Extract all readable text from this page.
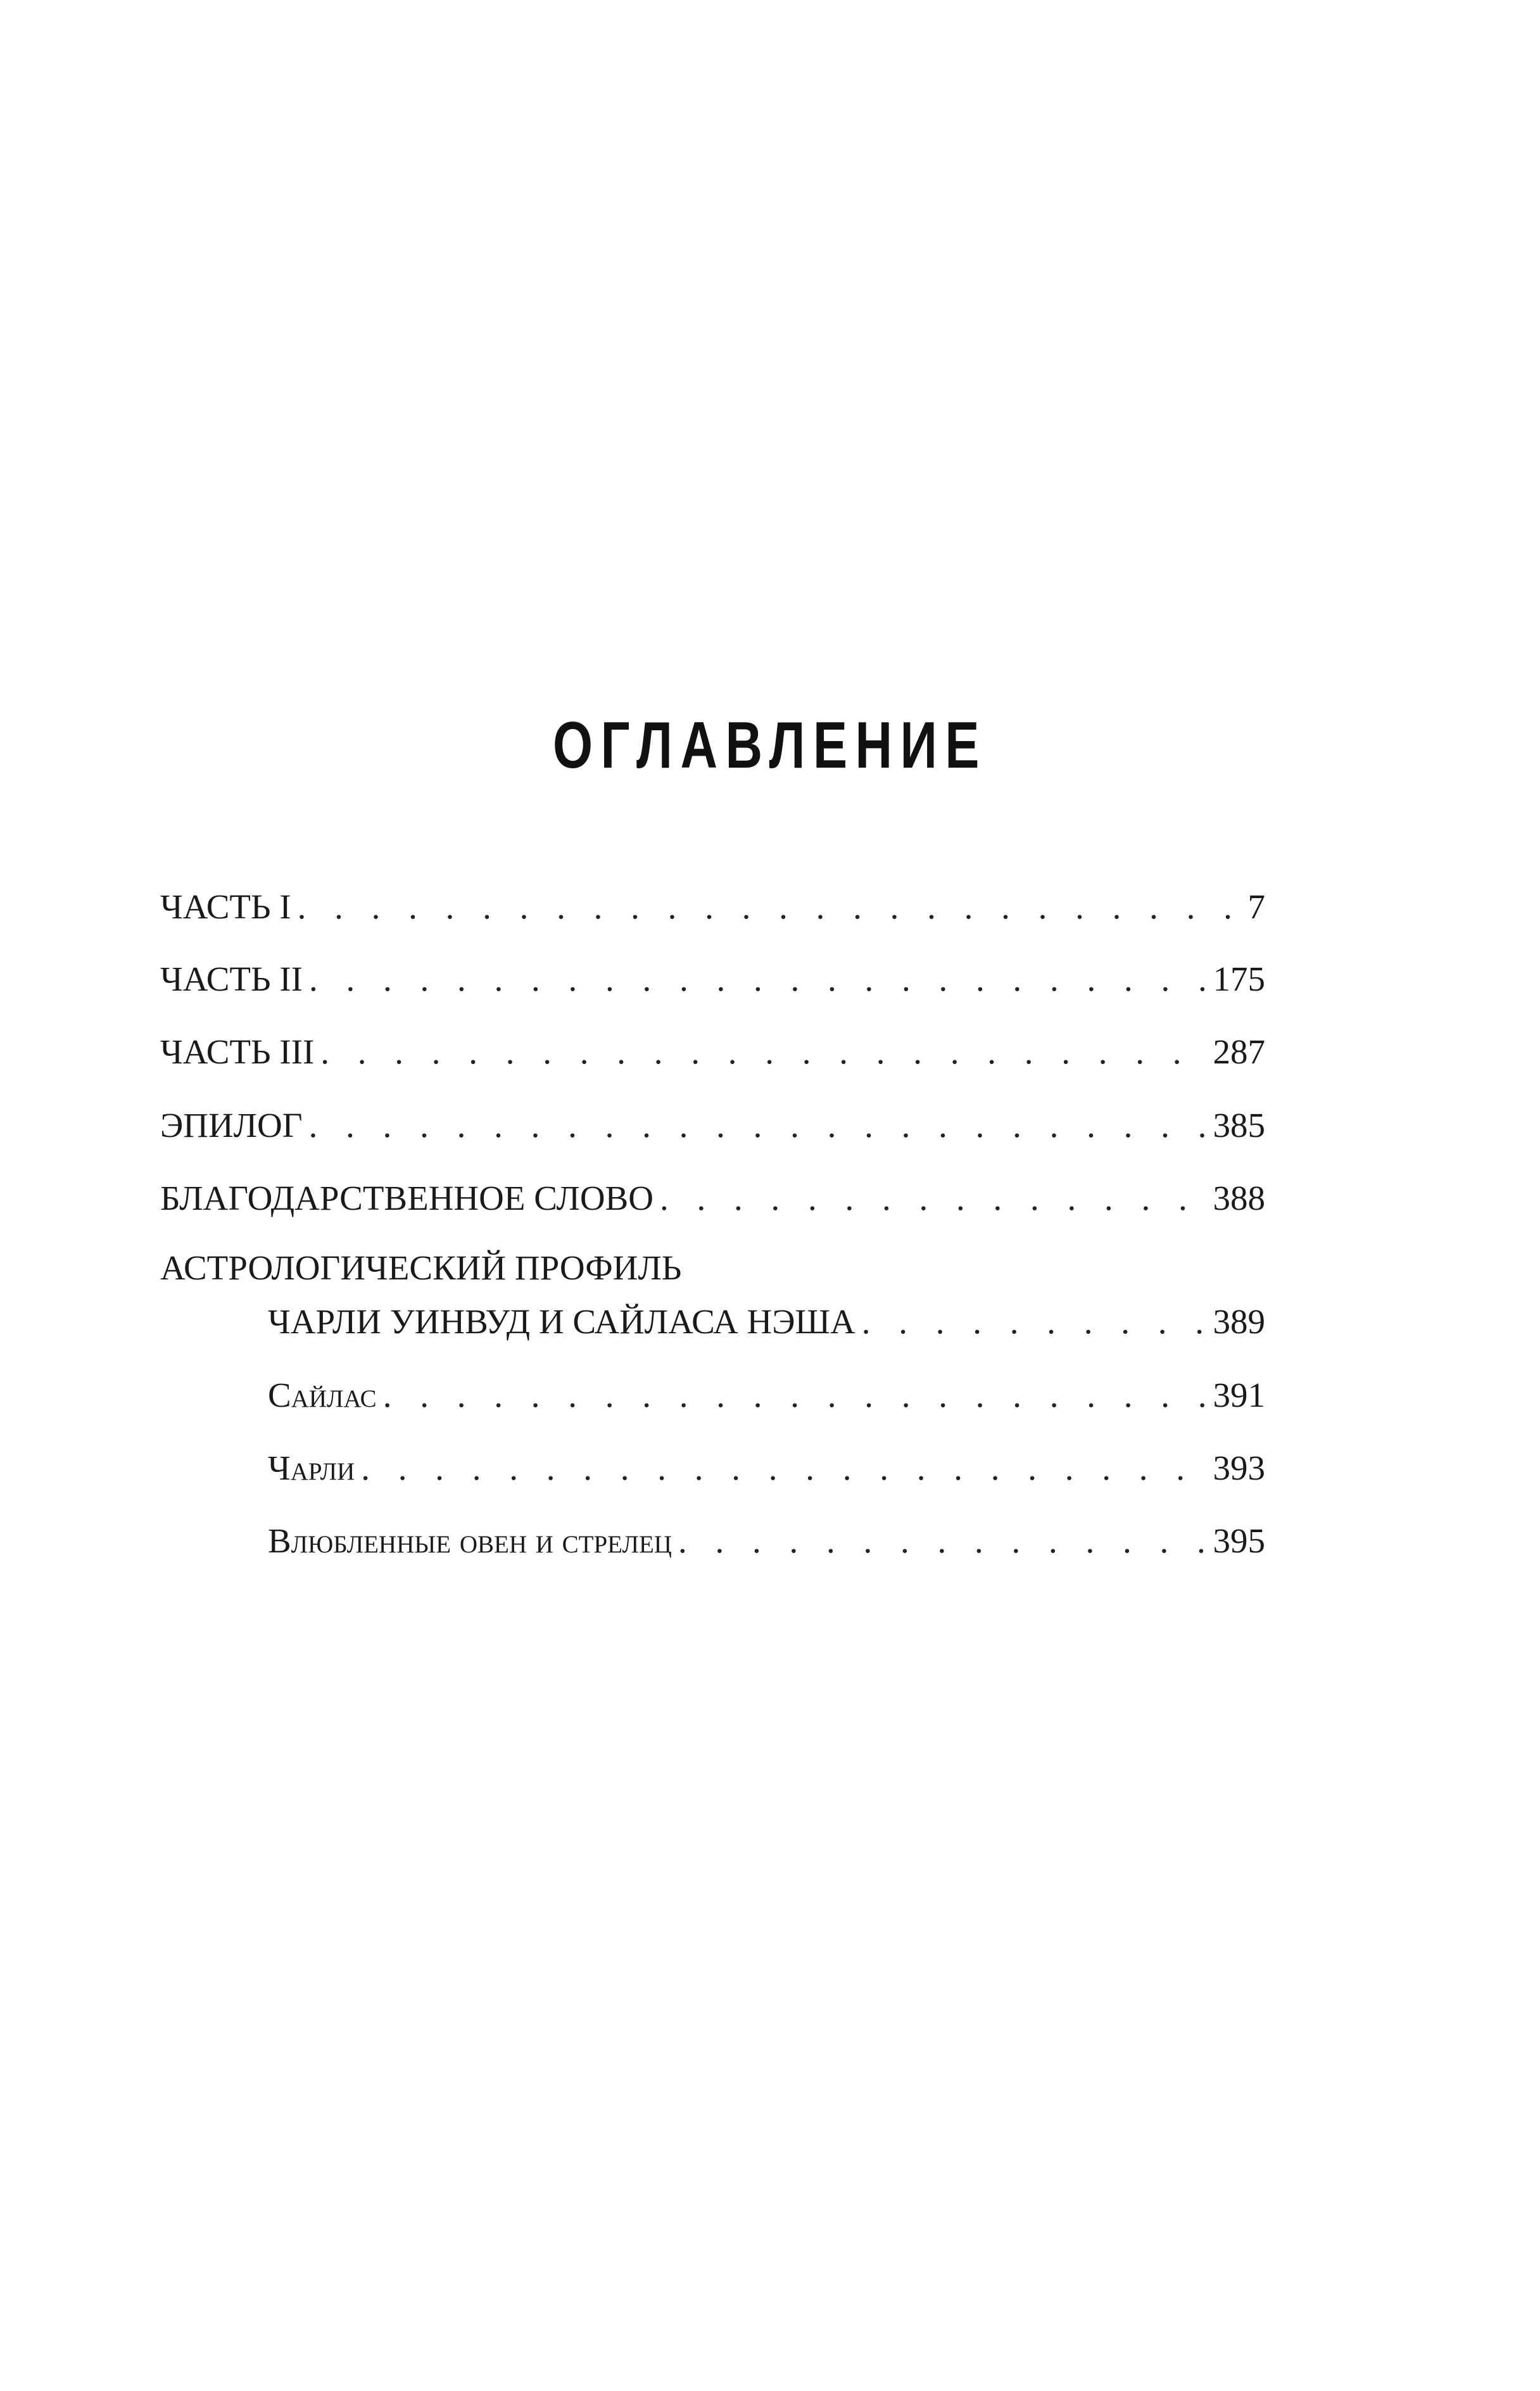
ОГЛАВЛЕНИЕ
ЧАСТЬ I . . .	7
ЧАСТЬ II . . .	175
ЧАСТЬ III . . .	287
ЭПИЛОГ . . .	385
БЛАГОДАРСТВЕННОЕ СЛОВО . . .	388
АСТРОЛОГИЧЕСКИЙ ПРОФИЛЬ
ЧАРЛИ УИНВУД И САЙЛАСА НЭША . . .	389
Сайлас . . .	391
Чарли . . .	393
Влюбленные овен и стрелец . . .	395
